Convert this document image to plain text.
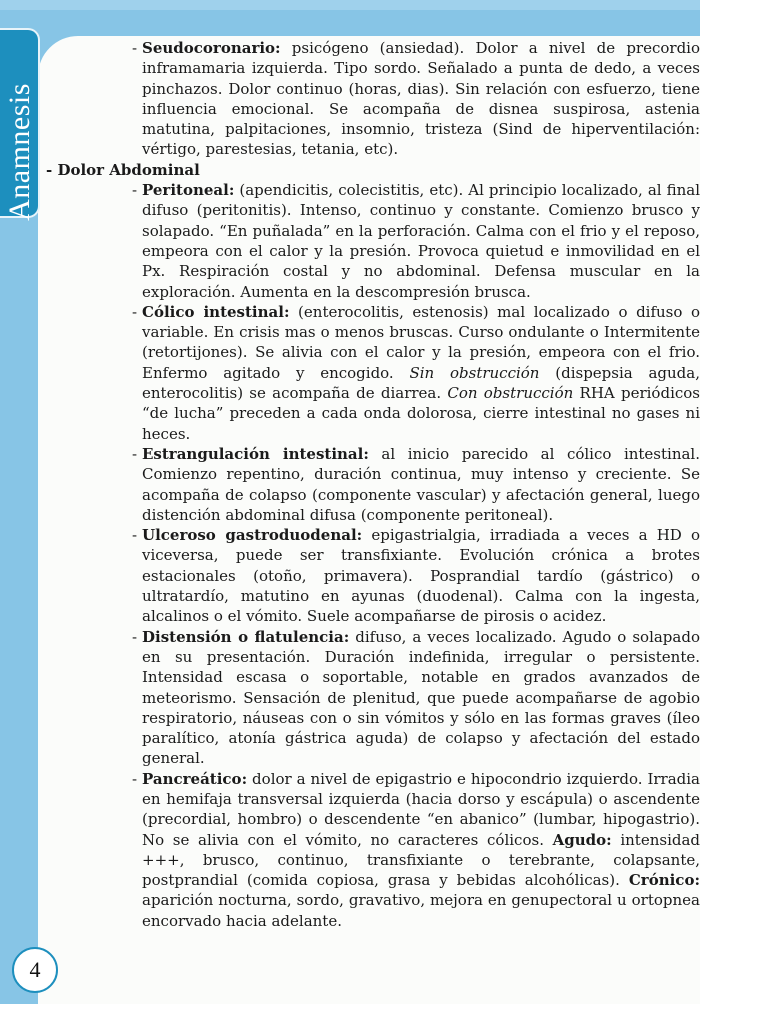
Anamnesis

- Seudocoronario: psicógeno (ansiedad). Dolor a nivel de precordio inframamaria izquierda. Tipo sordo. Señalado a punta de dedo, a veces pinchazos. Dolor continuo (horas, dias). Sin relación con esfuerzo, tiene influencia emocional. Se acompaña de disnea suspirosa, astenia matutina, palpitaciones, insomnio, tristeza (Sind de hiperventilación: vértigo, parestesias, tetania, etc).

- Dolor Abdominal

- Peritoneal: (apendicitis, colecistitis, etc). Al principio localizado, al final difuso (peritonitis). Intenso, continuo y constante. Comienzo brusco y solapado. “En puñalada” en la perforación. Calma con el frio y el reposo, empeora con el calor y la presión. Provoca quietud e inmovilidad en el Px. Respiración costal y no abdominal. Defensa muscular en la exploración. Aumenta en la descompresión brusca.

- Cólico intestinal: (enterocolitis, estenosis) mal localizado o difuso o variable. En crisis mas o menos bruscas. Curso ondulante o Intermitente (retortijones). Se alivia con el calor y la presión, empeora con el frio. Enfermo agitado y encogido. Sin obstrucción (dispepsia aguda, enterocolitis) se acompaña de diarrea. Con obstrucción RHA periódicos “de lucha” preceden a cada onda dolorosa, cierre intestinal no gases ni heces.

- Estrangulación intestinal: al inicio parecido al cólico intestinal. Comienzo repentino, duración continua, muy intenso y creciente. Se acompaña de colapso (componente vascular) y afectación general, luego distención abdominal difusa (componente peritoneal).

- Ulceroso gastroduodenal: epigastrialgia, irradiada a veces a HD o viceversa, puede ser transfixiante. Evolución crónica a brotes estacionales (otoño, primavera). Posprandial tardío (gástrico) o ultratardío, matutino en ayunas (duodenal). Calma con la ingesta, alcalinos o el vómito. Suele acompañarse de pirosis o acidez.

- Distensión o flatulencia: difuso, a veces localizado. Agudo o solapado en su presentación. Duración indefinida, irregular o persistente. Intensidad escasa o soportable, notable en grados avanzados de meteorismo. Sensación de plenitud, que puede acompañarse de agobio respiratorio, náuseas con o sin vómitos y sólo en las formas graves (íleo paralítico, atonía gástrica aguda) de colapso y afectación del estado general.

- Pancreático: dolor a nivel de epigastrio e hipocondrio izquierdo. Irradia en hemifaja transversal izquierda (hacia dorso y escápula) o ascendente (precordial, hombro) o descendente “en abanico” (lumbar, hipogastrio). No se alivia con el vómito, no caracteres cólicos. Agudo: intensidad +++, brusco, continuo, transfixiante o terebrante, colapsante, postprandial (comida copiosa, grasa y bebidas alcohólicas). Crónico: aparición nocturna, sordo, gravativo, mejora en genupectoral u ortopnea encorvado hacia adelante.

4
